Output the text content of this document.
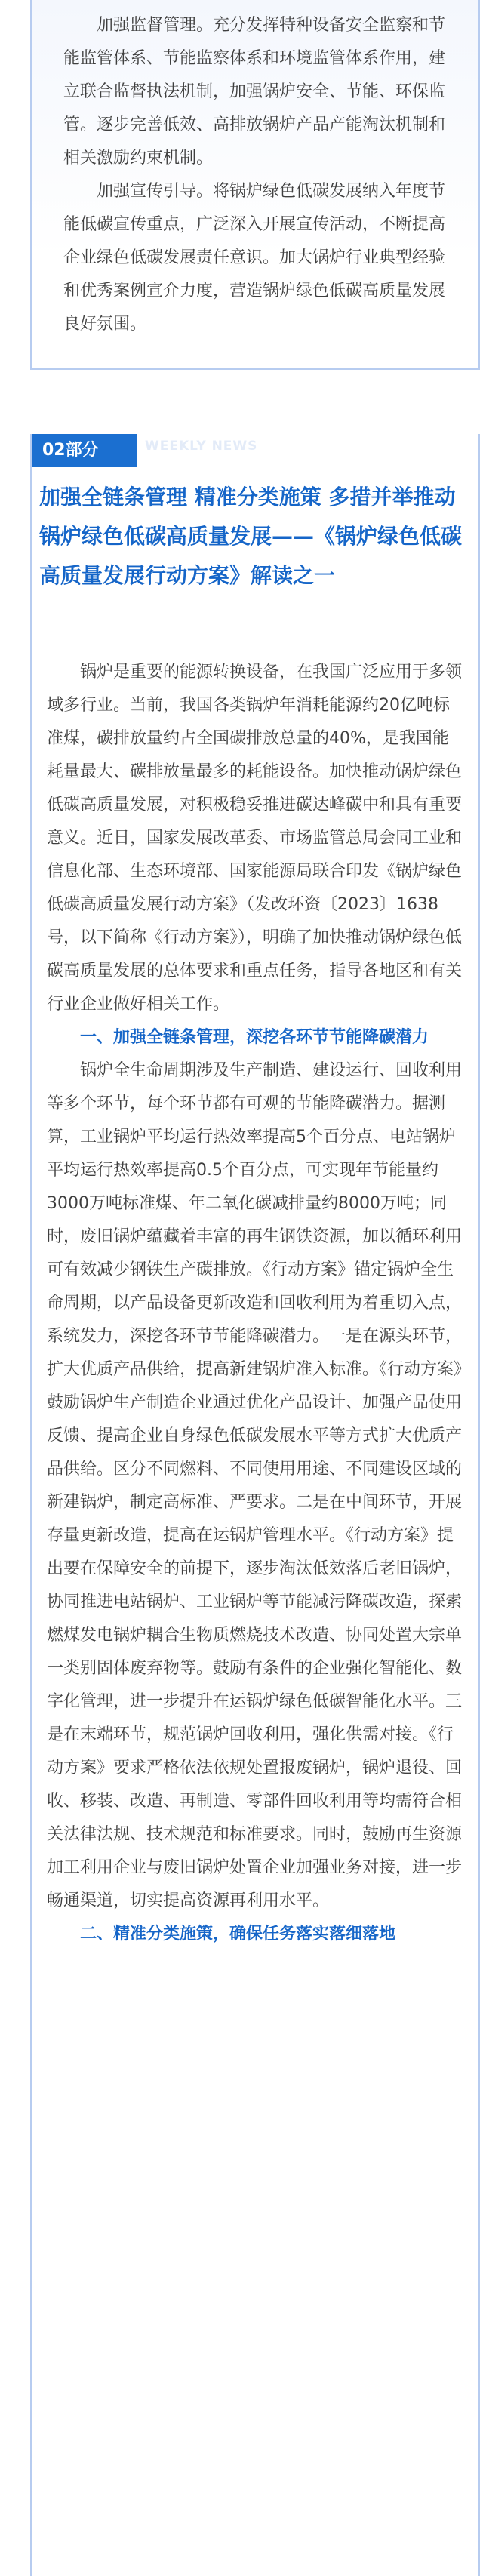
加强监督管理。充分发挥特种设备安全监察和节能监管体系、节能监察体系和环境监管体系作用，建立联合监督执法机制，加强锅炉安全、节能、环保监管。逐步完善低效、高排放锅炉产品产能淘汰机制和相关激励约束机制。

加强宣传引导。将锅炉绿色低碳发展纳入年度节能低碳宣传重点，广泛深入开展宣传活动，不断提高企业绿色低碳发展责任意识。加大锅炉行业典型经验和优秀案例宣介力度，营造锅炉绿色低碳高质量发展良好氛围。

02部分	WEEKLY NEWS
加强全链条管理 精准分类施策 多措并举推动锅炉绿色低碳高质量发展——《锅炉绿色低碳高质量发展行动方案》解读之一

锅炉是重要的能源转换设备，在我国广泛应用于多领域多行业。当前，我国各类锅炉年消耗能源约20亿吨标准煤，碳排放量约占全国碳排放总量的40%，是我国能耗量最大、碳排放量最多的耗能设备。加快推动锅炉绿色低碳高质量发展，对积极稳妥推进碳达峰碳中和具有重要意义。近日，国家发展改革委、市场监管总局会同工业和信息化部、生态环境部、国家能源局联合印发《锅炉绿色低碳高质量发展行动方案》（发改环资〔2023〕1638号，以下简称《行动方案》），明确了加快推动锅炉绿色低碳高质量发展的总体要求和重点任务，指导各地区和有关行业企业做好相关工作。

一、加强全链条管理，深挖各环节节能降碳潜力

锅炉全生命周期涉及生产制造、建设运行、回收利用等多个环节，每个环节都有可观的节能降碳潜力。据测算，工业锅炉平均运行热效率提高5个百分点、电站锅炉平均运行热效率提高0.5个百分点，可实现年节能量约3000万吨标准煤、年二氧化碳减排量约8000万吨；同时，废旧锅炉蕴藏着丰富的再生钢铁资源，加以循环利用可有效减少钢铁生产碳排放。《行动方案》锚定锅炉全生命周期，以产品设备更新改造和回收利用为着重切入点，系统发力，深挖各环节节能降碳潜力。一是在源头环节，扩大优质产品供给，提高新建锅炉准入标准。《行动方案》鼓励锅炉生产制造企业通过优化产品设计、加强产品使用反馈、提高企业自身绿色低碳发展水平等方式扩大优质产品供给。区分不同燃料、不同使用用途、不同建设区域的新建锅炉，制定高标准、严要求。二是在中间环节，开展存量更新改造，提高在运锅炉管理水平。《行动方案》提出要在保障安全的前提下，逐步淘汰低效落后老旧锅炉，协同推进电站锅炉、工业锅炉等节能减污降碳改造，探索燃煤发电锅炉耦合生物质燃烧技术改造、协同处置大宗单一类别固体废弃物等。鼓励有条件的企业强化智能化、数字化管理，进一步提升在运锅炉绿色低碳智能化水平。三是在末端环节，规范锅炉回收利用，强化供需对接。《行动方案》要求严格依法依规处置报废锅炉，锅炉退役、回收、移装、改造、再制造、零部件回收利用等均需符合相关法律法规、技术规范和标准要求。同时，鼓励再生资源加工利用企业与废旧锅炉处置企业加强业务对接，进一步畅通渠道，切实提高资源再利用水平。

二、精准分类施策，确保任务落实落细落地
